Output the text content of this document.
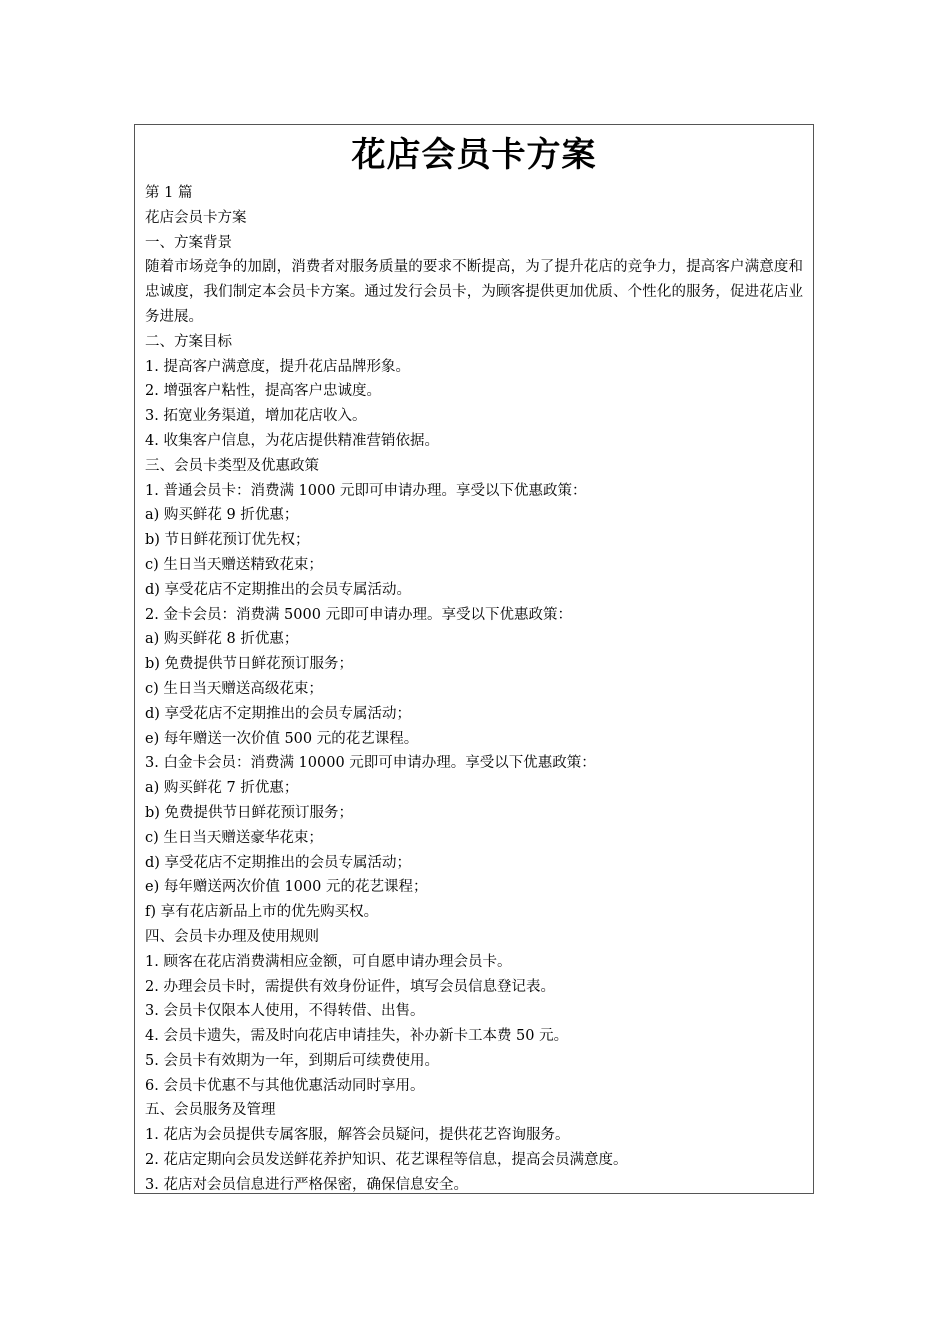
花店会员卡方案

第 1 篇

花店会员卡方案

一、方案背景

随着市场竞争的加剧，消费者对服务质量的要求不断提高，为了提升花店的竞争力，提高客户满意度和忠诚度，我们制定本会员卡方案。通过发行会员卡，为顾客提供更加优质、个性化的服务，促进花店业务进展。

二、方案目标

1. 提高客户满意度，提升花店品牌形象。

2. 增强客户粘性，提高客户忠诚度。

3. 拓宽业务渠道，增加花店收入。

4. 收集客户信息，为花店提供精准营销依据。

三、会员卡类型及优惠政策

1. 普通会员卡：消费满 1000 元即可申请办理。享受以下优惠政策：

a) 购买鲜花 9 折优惠；

b) 节日鲜花预订优先权；

c) 生日当天赠送精致花束；

d) 享受花店不定期推出的会员专属活动。

2. 金卡会员：消费满 5000 元即可申请办理。享受以下优惠政策：

a) 购买鲜花 8 折优惠；

b) 免费提供节日鲜花预订服务；

c) 生日当天赠送高级花束；

d) 享受花店不定期推出的会员专属活动；

e) 每年赠送一次价值 500 元的花艺课程。

3. 白金卡会员：消费满 10000 元即可申请办理。享受以下优惠政策：

a) 购买鲜花 7 折优惠；

b) 免费提供节日鲜花预订服务；

c) 生日当天赠送豪华花束；

d) 享受花店不定期推出的会员专属活动；

e) 每年赠送两次价值 1000 元的花艺课程；

f) 享有花店新品上市的优先购买权。

四、会员卡办理及使用规则

1. 顾客在花店消费满相应金额，可自愿申请办理会员卡。

2. 办理会员卡时，需提供有效身份证件，填写会员信息登记表。

3. 会员卡仅限本人使用，不得转借、出售。

4. 会员卡遗失，需及时向花店申请挂失，补办新卡工本费 50 元。

5. 会员卡有效期为一年，到期后可续费使用。

6. 会员卡优惠不与其他优惠活动同时享用。

五、会员服务及管理

1. 花店为会员提供专属客服，解答会员疑问，提供花艺咨询服务。

2. 花店定期向会员发送鲜花养护知识、花艺课程等信息，提高会员满意度。

3. 花店对会员信息进行严格保密，确保信息安全。
